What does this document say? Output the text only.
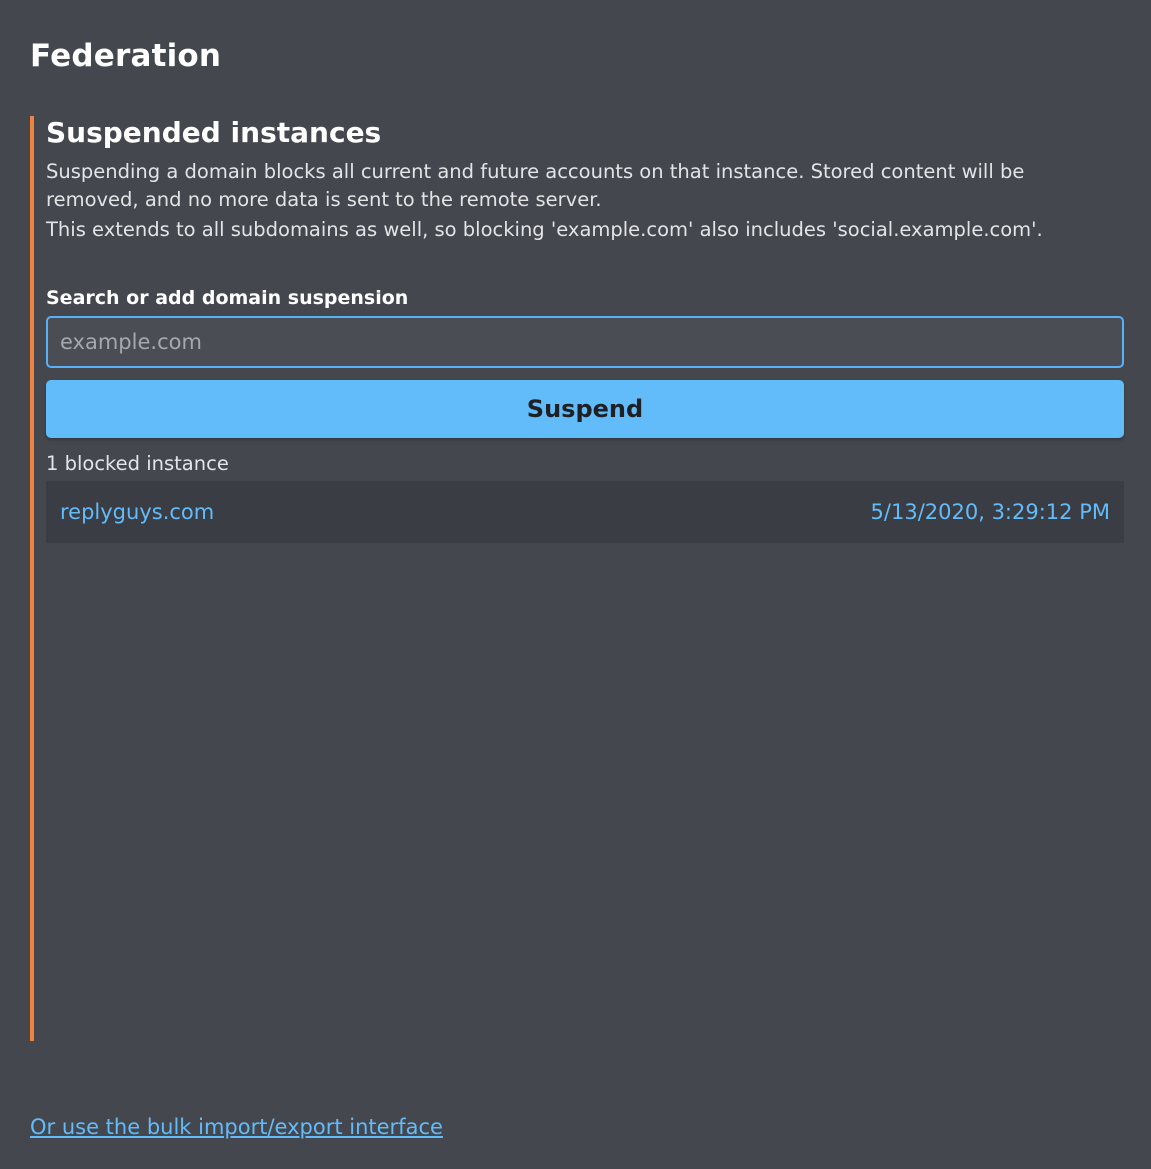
Federation
Suspended instances

Suspending a domain blocks all current and future accounts on that instance. Stored content will be removed, and no more data is sent to the remote server.
This extends to all subdomains as well, so blocking 'example.com' also includes 'social.example.com'.

Search or add domain suspension
example.com
Suspend
1 blocked instance
replyguys.com	5/13/2020, 3:29:12 PM
Or use the bulk import/export interface
